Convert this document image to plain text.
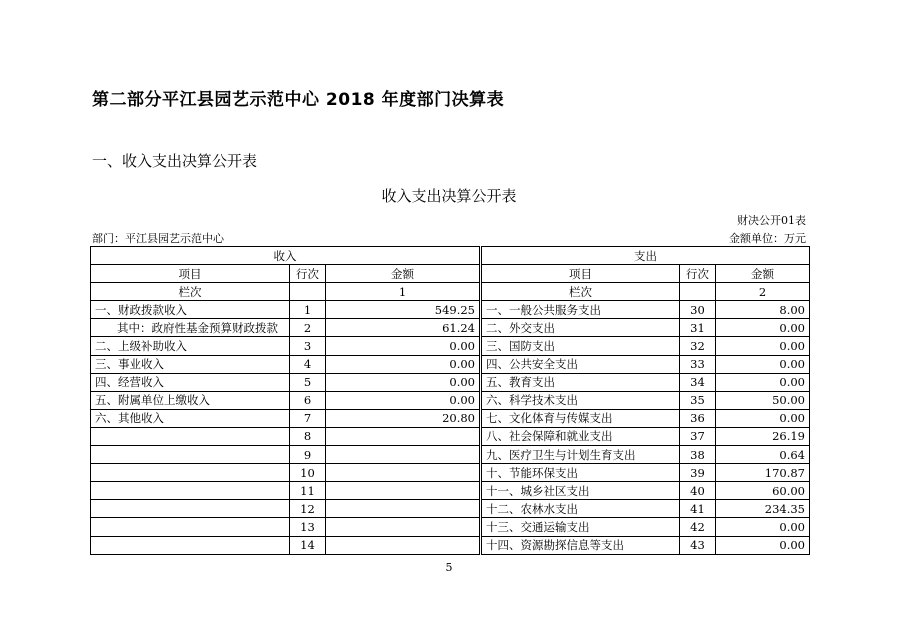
第二部分平江县园艺示范中心 2018 年度部门决算表
一、收入支出决算公开表
收入支出决算公开表
财决公开01表
部门：平江县园艺示范中心	金额单位：万元
收入			支出		
项目	行次	金额	项目	行次	金额
栏次		1	栏次		2
一、财政拨款收入	1	549.25	一、一般公共服务支出	30	8.00
其中：政府性基金预算财政拨款	2	61.24	二、外交支出	31	0.00
二、上级补助收入	3	0.00	三、国防支出	32	0.00
三、事业收入	4	0.00	四、公共安全支出	33	0.00
四、经营收入	5	0.00	五、教育支出	34	0.00
五、附属单位上缴收入	6	0.00	六、科学技术支出	35	50.00
六、其他收入	7	20.80	七、文化体育与传媒支出	36	0.00
	8		八、社会保障和就业支出	37	26.19
	9		九、医疗卫生与计划生育支出	38	0.64
	10		十、节能环保支出	39	170.87
	11		十一、城乡社区支出	40	60.00
	12		十二、农林水支出	41	234.35
	13		十三、交通运输支出	42	0.00
	14		十四、资源勘探信息等支出	43	0.00
5
